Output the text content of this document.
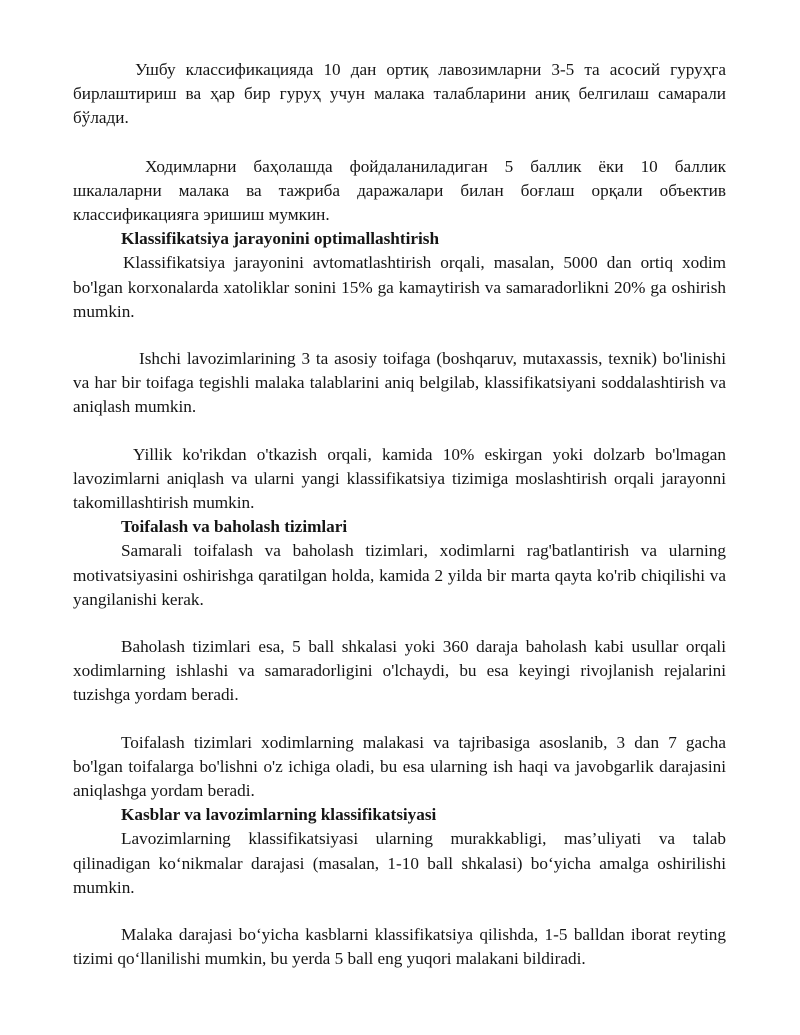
Ушбу классификацияда 10 дан ортиқ лавозимларни 3-5 та асосий гуруҳга бирлаштириш ва ҳар бир гуруҳ учун малака талабларини аниқ белгилаш самарали бўлади.

Ходимларни баҳолашда фойдаланиладиган 5 баллик ёки 10 баллик шкалаларни малака ва тажриба даражалари билан боғлаш орқали объектив классификацияга эришиш мумкин.

Klassifikatsiya jarayonini optimallashtirish

Klassifikatsiya jarayonini avtomatlashtirish orqali, masalan, 5000 dan ortiq xodim bo'lgan korxonalarda xatoliklar sonini 15% ga kamaytirish va samaradorlikni 20% ga oshirish mumkin.

Ishchi lavozimlarining 3 ta asosiy toifaga (boshqaruv, mutaxassis, texnik) bo'linishi va har bir toifaga tegishli malaka talablarini aniq belgilab, klassifikatsiyani soddalashtirish va aniqlash mumkin.

Yillik ko'rikdan o'tkazish orqali, kamida 10% eskirgan yoki dolzarb bo'lmagan lavozimlarni aniqlash va ularni yangi klassifikatsiya tizimiga moslashtirish orqali jarayonni takomillashtirish mumkin.

Toifalash va baholash tizimlari

Samarali toifalash va baholash tizimlari, xodimlarni rag'batlantirish va ularning motivatsiyasini oshirishga qaratilgan holda, kamida 2 yilda bir marta qayta ko'rib chiqilishi va yangilanishi kerak.

Baholash tizimlari esa, 5 ball shkalasi yoki 360 daraja baholash kabi usullar orqali xodimlarning ishlashi va samaradorligini o'lchaydi, bu esa keyingi rivojlanish rejalarini tuzishga yordam beradi.

Toifalash tizimlari xodimlarning malakasi va tajribasiga asoslanib, 3 dan 7 gacha bo'lgan toifalarga bo'lishni o'z ichiga oladi, bu esa ularning ish haqi va javobgarlik darajasini aniqlashga yordam beradi.

Kasblar va lavozimlarning klassifikatsiyasi

Lavozimlarning klassifikatsiyasi ularning murakkabligi, mas’uliyati va talab qilinadigan koʻnikmalar darajasi (masalan, 1-10 ball shkalasi) boʻyicha amalga oshirilishi mumkin.

Malaka darajasi boʻyicha kasblarni klassifikatsiya qilishda, 1-5 balldan iborat reyting tizimi qoʻllanilishi mumkin, bu yerda 5 ball eng yuqori malakani bildiradi.
